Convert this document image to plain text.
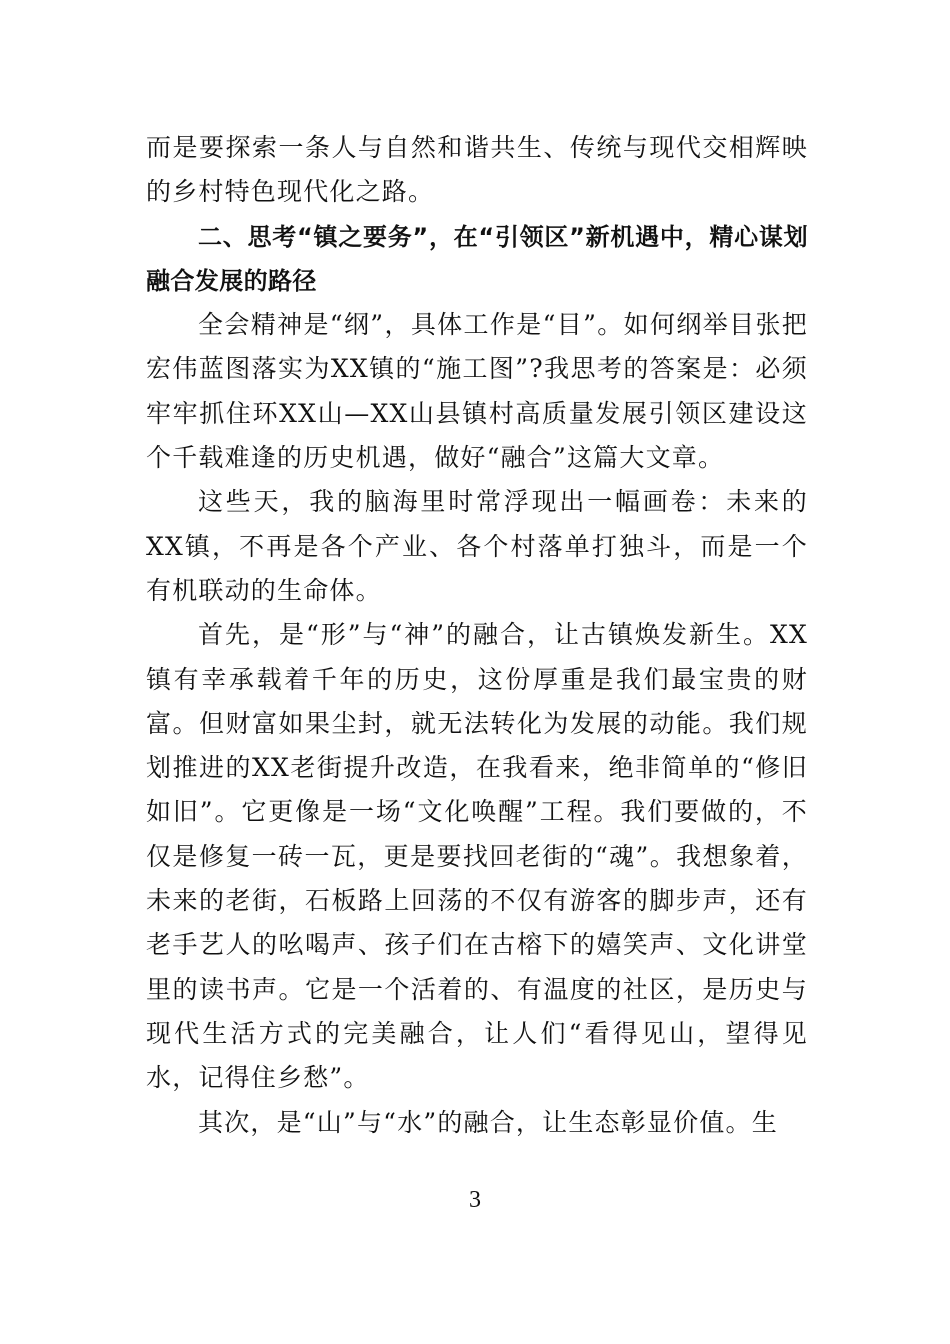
而是要探索一条人与自然和谐共生、传统与现代交相辉映的乡村特色现代化之路。

二、思考“镇之要务”，在“引领区”新机遇中，精心谋划融合发展的路径

全会精神是“纲”，具体工作是“目”。如何纲举目张把宏伟蓝图落实为XX镇的“施工图”?我思考的答案是：必须牢牢抓住环XX山—XX山县镇村高质量发展引领区建设这个千载难逢的历史机遇，做好“融合”这篇大文章。

这些天，我的脑海里时常浮现出一幅画卷：未来的XX镇，不再是各个产业、各个村落单打独斗，而是一个有机联动的生命体。

首先，是“形”与“神”的融合，让古镇焕发新生。XX镇有幸承载着千年的历史，这份厚重是我们最宝贵的财富。但财富如果尘封，就无法转化为发展的动能。我们规划推进的XX老街提升改造，在我看来，绝非简单的“修旧如旧”。它更像是一场“文化唤醒”工程。我们要做的，不仅是修复一砖一瓦，更是要找回老街的“魂”。我想象着，未来的老街，石板路上回荡的不仅有游客的脚步声，还有老手艺人的吆喝声、孩子们在古榕下的嬉笑声、文化讲堂里的读书声。它是一个活着的、有温度的社区，是历史与现代生活方式的完美融合，让人们“看得见山，望得见水，记得住乡愁”。

其次，是“山”与“水”的融合，让生态彰显价值。生

3
